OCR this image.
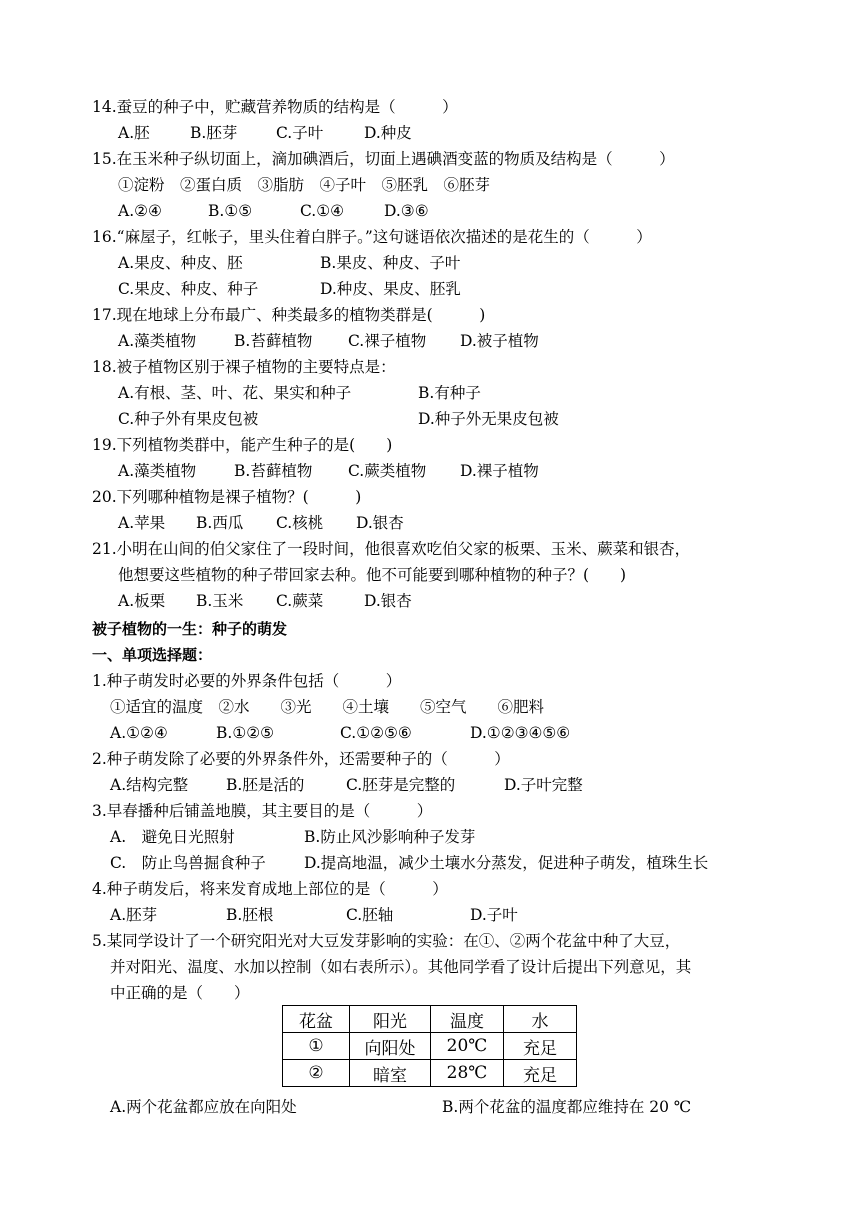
14.蚕豆的种子中，贮藏营养物质的结构是（　　　）
A.胚	B.胚芽 C.子叶	D.种皮
15.在玉米种子纵切面上，滴加碘酒后，切面上遇碘酒变蓝的物质及结构是（　　　）
①淀粉　②蛋白质　③脂肪　④子叶　⑤胚乳　⑥胚芽
A.②④	B.①⑤	C.①④	D.③⑥
16.“麻屋子，红帐子，里头住着白胖子。”这句谜语依次描述的是花生的（　　　）
A.果皮、种皮、胚	B.果皮、种皮、子叶
C.果皮、种皮、种子	D.种皮、果皮、胚乳
17.现在地球上分布最广、种类最多的植物类群是(　　　)
A.藻类植物 B.苔藓植物 C.裸子植物 D.被子植物
18.被子植物区别于裸子植物的主要特点是：
A.有根、茎、叶、花、果实和种子	B.有种子
C.种子外有果皮包被	D.种子外无果皮包被
19.下列植物类群中，能产生种子的是(　　)
A.藻类植物 B.苔藓植物 C.蕨类植物 D.裸子植物
20.下列哪种植物是裸子植物？(　　　)
A.苹果 B.西瓜 C.核桃 D.银杏
21.小明在山间的伯父家住了一段时间，他很喜欢吃伯父家的板栗、玉米、蕨菜和银杏，
他想要这些植物的种子带回家去种。他不可能要到哪种植物的种子？(　　)
A.板栗 B.玉米 C.蕨菜	D.银杏
被子植物的一生：种子的萌发
一、单项选择题：
1.种子萌发时必要的外界条件包括（　　　）
①适宜的温度　②水　　③光　　④土壤　　⑤空气　　⑥肥料
A.①②④	B.①②⑤	C.①②⑤⑥	D.①②③④⑤⑥
2.种子萌发除了必要的外界条件外，还需要种子的（　　　）
A.结构完整 B.胚是活的	C.胚芽是完整的	D.子叶完整
3.早春播种后铺盖地膜，其主要目的是（　　　）
A.　避免日光照射	B.防止风沙影响种子发芽
C.　防止鸟兽掘食种子 D.提高地温，减少土壤水分蒸发，促进种子萌发，植珠生长
4.种子萌发后，将来发育成地上部位的是（　　　）
A.胚芽	B.胚根	C.胚轴	D.子叶
5.某同学设计了一个研究阳光对大豆发芽影响的实验：在①、②两个花盆中种了大豆，
并对阳光、温度、水加以控制（如右表所示）。其他同学看了设计后提出下列意见，其
中正确的是（　　）
花盆	阳光	温度	水
①	向阳处	20℃	充足
②	暗室	28℃	充足
A.两个花盆都应放在向阳处	B.两个花盆的温度都应维持在 20 ℃
